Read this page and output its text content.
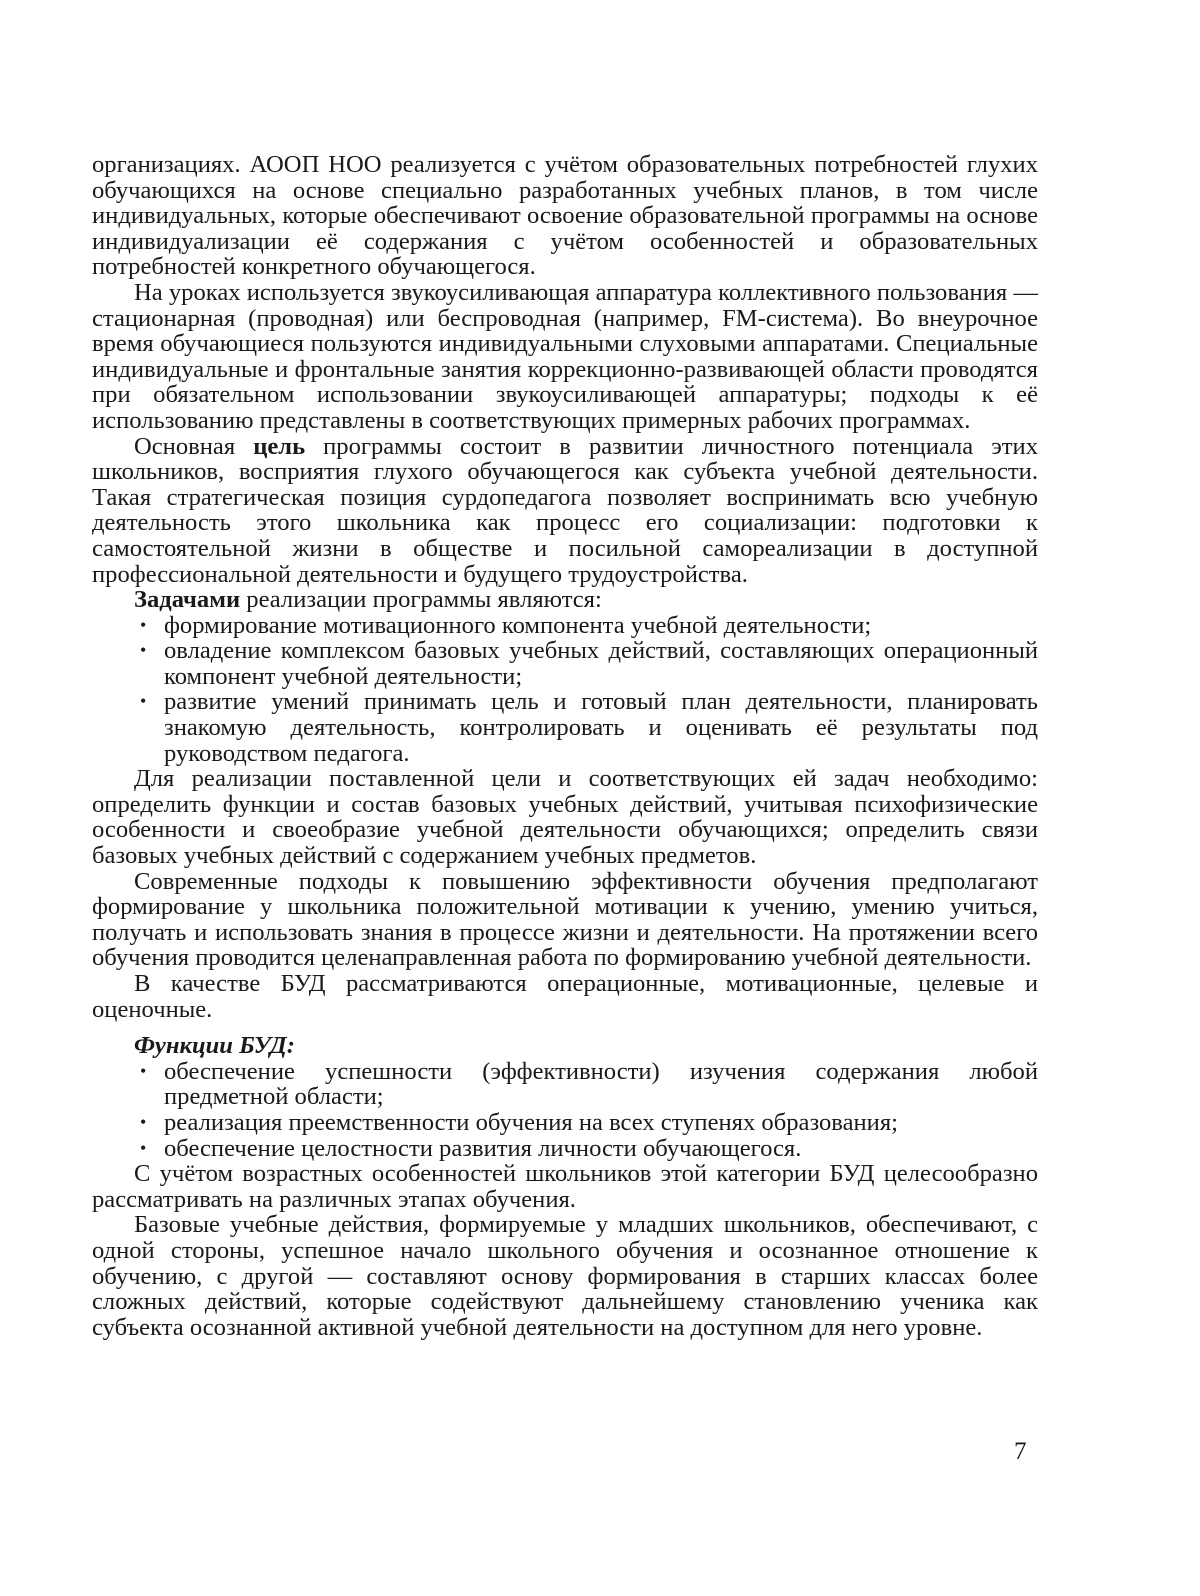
организациях. АООП НОО реализуется с учётом образовательных потребностей глухих обучающихся на основе специально разработанных учебных планов, в том числе индивидуальных, которые обеспечивают освоение образовательной программы на основе индивидуализации её содержания с учётом особенностей и образовательных потребностей конкретного обучающегося.

На уроках используется звукоусиливающая аппаратура коллективного пользования — стационарная (проводная) или беспроводная (например, FM-система). Во внеурочное время обучающиеся пользуются индивидуальными слуховыми аппаратами. Специальные индивидуальные и фронтальные занятия коррекционно-развивающей области проводятся при обязательном использовании звукоусиливающей аппаратуры; подходы к её использованию представлены в соответствующих примерных рабочих программах.

Основная цель программы состоит в развитии личностного потенциала этих школьников, восприятия глухого обучающегося как субъекта учебной деятельности. Такая стратегическая позиция сурдопедагога позволяет воспринимать всю учебную деятельность этого школьника как процесс его социализации: подготовки к самостоятельной жизни в обществе и посильной самореализации в доступной профессиональной деятельности и будущего трудоустройства.

Задачами реализации программы являются:

• формирование мотивационного компонента учебной деятельности;
• овладение комплексом базовых учебных действий, составляющих операционный компонент учебной деятельности;
• развитие умений принимать цель и готовый план деятельности, планировать знакомую деятельность, контролировать и оценивать её результаты под руководством педагога.

Для реализации поставленной цели и соответствующих ей задач необходимо: определить функции и состав базовых учебных действий, учитывая психофизические особенности и своеобразие учебной деятельности обучающихся; определить связи базовых учебных действий с содержанием учебных предметов.

Современные подходы к повышению эффективности обучения предполагают формирование у школьника положительной мотивации к учению, умению учиться, получать и использовать знания в процессе жизни и деятельности. На протяжении всего обучения проводится целенаправленная работа по формированию учебной деятельности.

В качестве БУД рассматриваются операционные, мотивационные, целевые и оценочные.

Функции БУД:

• обеспечение успешности (эффективности) изучения содержания любой предметной области;
• реализация преемственности обучения на всех ступенях образования;
• обеспечение целостности развития личности обучающегося.

С учётом возрастных особенностей школьников этой категории БУД целесообразно рассматривать на различных этапах обучения.

Базовые учебные действия, формируемые у младших школьников, обеспечивают, с одной стороны, успешное начало школьного обучения и осознанное отношение к обучению, с другой — составляют основу формирования в старших классах более сложных действий, которые содействуют дальнейшему становлению ученика как субъекта осознанной активной учебной деятельности на доступном для него уровне.

7
